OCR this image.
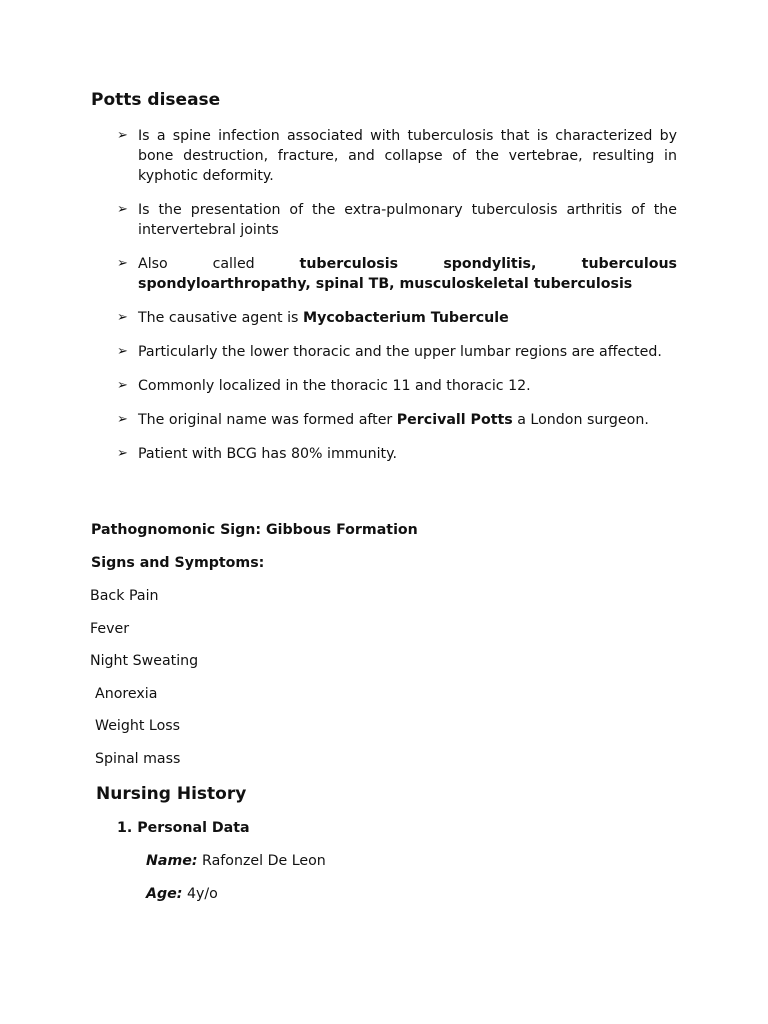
Potts disease
➢ Is a spine infection associated with tuberculosis that is characterized by bone destruction, fracture, and collapse of the vertebrae, resulting in kyphotic deformity.
➢ Is the presentation of the extra-pulmonary tuberculosis arthritis of the intervertebral joints
➢ Also called tuberculosis spondylitis, tuberculous spondyloarthropathy, spinal TB, musculoskeletal tuberculosis
➢ The causative agent is Mycobacterium Tubercule
➢ Particularly the lower thoracic and the upper lumbar regions are affected.
➢ Commonly localized in the thoracic 11 and thoracic 12.
➢ The original name was formed after Percivall Potts a London surgeon.
➢ Patient with BCG has 80% immunity.

Pathognomonic Sign: Gibbous Formation

Signs and Symptoms:

Back Pain

Fever

Night Sweating

Anorexia

Weight Loss

Spinal mass

Nursing History
1. Personal Data
Name: Rafonzel De Leon
Age: 4y/o
